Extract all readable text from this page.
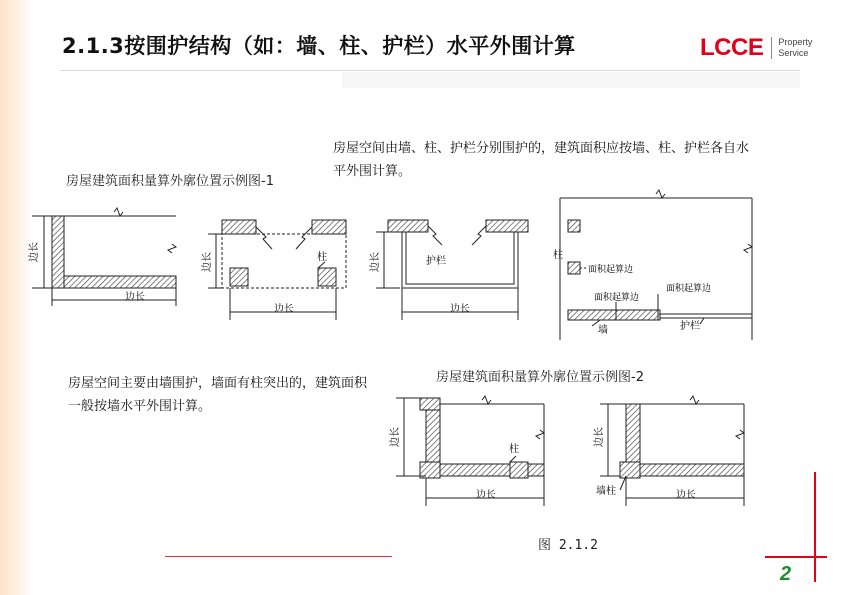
2.1.3按围护结构（如：墙、柱、护栏）水平外围计算	LCCE Property
Service
房屋空间由墙、柱、护栏分别围护的，建筑面积应按墙、柱、护栏各自水平外围计算。
房屋建筑面积量算外廓位置示例图-1
房屋空间主要由墙围护，墙面有柱突出的，建筑面积一般按墙水平外围计算。
房屋建筑面积量算外廓位置示例图-2
图 2.1.2
边长
边长
边长	柱
边长
边长	护栏
边长
柱
面积起算边
面积起算边
面积起算边
墙	护栏
边长
柱
边长
边长
墙柱	边长
2
